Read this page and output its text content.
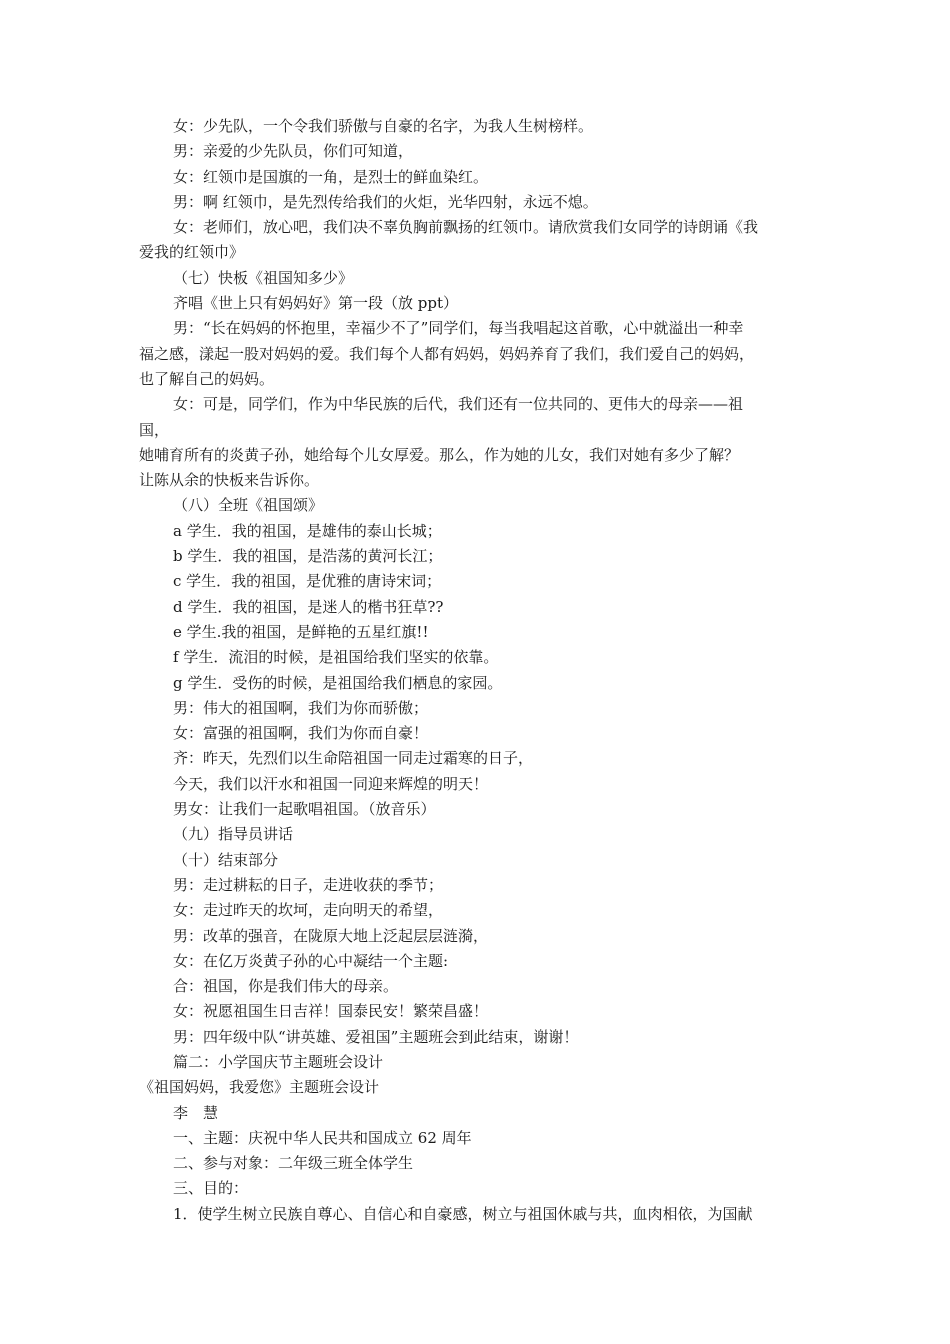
女：少先队，一个令我们骄傲与自豪的名字，为我人生树榜样。

男：亲爱的少先队员，你们可知道，

女：红领巾是国旗的一角，是烈士的鲜血染红。

男：啊 红领巾，是先烈传给我们的火炬，光华四射，永远不熄。

女：老师们，放心吧，我们决不辜负胸前飘扬的红领巾。请欣赏我们女同学的诗朗诵《我

爱我的红领巾》

（七）快板《祖国知多少》

齐唱《世上只有妈妈好》第一段（放 ppt）

男：“长在妈妈的怀抱里，幸福少不了”同学们，每当我唱起这首歌，心中就溢出一种幸

福之感，漾起一股对妈妈的爱。我们每个人都有妈妈，妈妈养育了我们，我们爱自己的妈妈，

也了解自己的妈妈。

女：可是，同学们，作为中华民族的后代，我们还有一位共同的、更伟大的母亲——祖

国，

她哺育所有的炎黄子孙，她给每个儿女厚爱。那么，作为她的儿女，我们对她有多少了解？

让陈从余的快板来告诉你。

（八）全班《祖国颂》

a 学生．我的祖国，是雄伟的泰山长城；

b 学生．我的祖国，是浩荡的黄河长江；

c 学生．我的祖国，是优雅的唐诗宋词；

d 学生．我的祖国，是迷人的楷书狂草??

e 学生.我的祖国，是鲜艳的五星红旗!!

f 学生．流泪的时候，是祖国给我们坚实的依靠。

g 学生．受伤的时候，是祖国给我们栖息的家园。

男：伟大的祖国啊，我们为你而骄傲；

女：富强的祖国啊，我们为你而自豪！

齐：昨天，先烈们以生命陪祖国一同走过霜寒的日子，

今天，我们以汗水和祖国一同迎来辉煌的明天！

男女：让我们一起歌唱祖国。（放音乐）

（九）指导员讲话

（十）结束部分

男：走过耕耘的日子，走进收获的季节；

女：走过昨天的坎坷，走向明天的希望，

男：改革的强音，在陇原大地上泛起层层涟漪，

女：在亿万炎黄子孙的心中凝结一个主题:

合：祖国，你是我们伟大的母亲。

女：祝愿祖国生日吉祥！国泰民安！繁荣昌盛！

男：四年级中队“讲英雄、爱祖国”主题班会到此结束，谢谢！

篇二：小学国庆节主题班会设计

《祖国妈妈，我爱您》主题班会设计

李　慧

一、主题：庆祝中华人民共和国成立 62 周年

二、参与对象：二年级三班全体学生

三、目的：

1．使学生树立民族自尊心、自信心和自豪感，树立与祖国休戚与共，血肉相依，为国献
